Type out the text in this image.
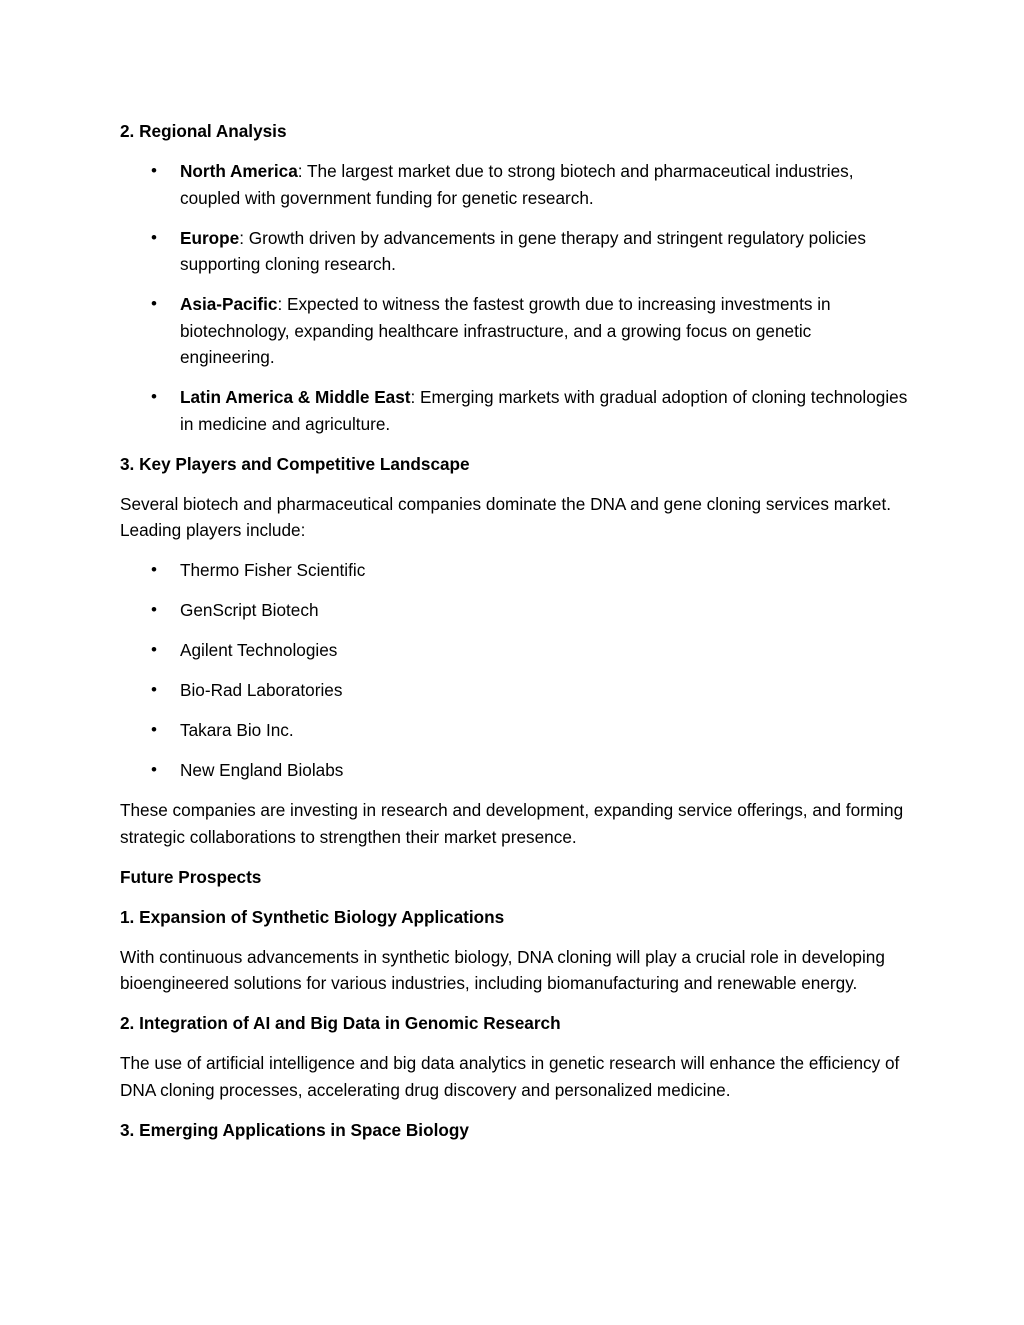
2. Regional Analysis
• North America: The largest market due to strong biotech and pharmaceutical industries, coupled with government funding for genetic research.
• Europe: Growth driven by advancements in gene therapy and stringent regulatory policies supporting cloning research.
• Asia-Pacific: Expected to witness the fastest growth due to increasing investments in biotechnology, expanding healthcare infrastructure, and a growing focus on genetic engineering.
• Latin America & Middle East: Emerging markets with gradual adoption of cloning technologies in medicine and agriculture.
3. Key Players and Competitive Landscape

Several biotech and pharmaceutical companies dominate the DNA and gene cloning services market. Leading players include:

• Thermo Fisher Scientific
• GenScript Biotech
• Agilent Technologies
• Bio-Rad Laboratories
• Takara Bio Inc.
• New England Biolabs

These companies are investing in research and development, expanding service offerings, and forming strategic collaborations to strengthen their market presence.

Future Prospects
1. Expansion of Synthetic Biology Applications

With continuous advancements in synthetic biology, DNA cloning will play a crucial role in developing bioengineered solutions for various industries, including biomanufacturing and renewable energy.

2. Integration of AI and Big Data in Genomic Research

The use of artificial intelligence and big data analytics in genetic research will enhance the efficiency of DNA cloning processes, accelerating drug discovery and personalized medicine.

3. Emerging Applications in Space Biology
